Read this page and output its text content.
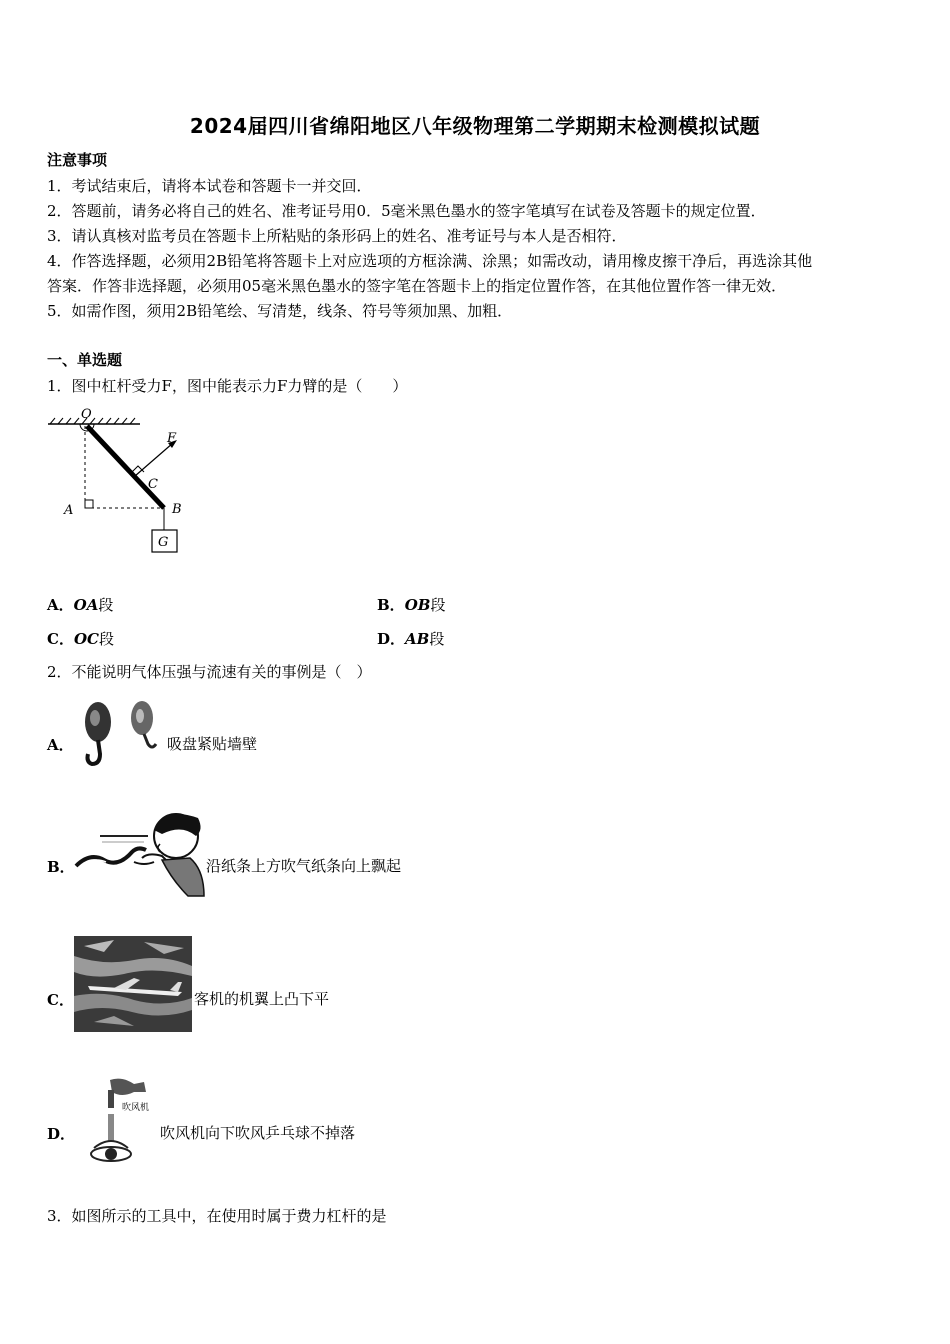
2024届四川省绵阳地区八年级物理第二学期期末检测模拟试题
注意事项
1．考试结束后，请将本试卷和答题卡一并交回．
2．答题前，请务必将自己的姓名、准考证号用0．5毫米黑色墨水的签字笔填写在试卷及答题卡的规定位置．
3．请认真核对监考员在答题卡上所粘贴的条形码上的姓名、准考证号与本人是否相符．
4．作答选择题，必须用2B铅笔将答题卡上对应选项的方框涂满、涂黑；如需改动，请用橡皮擦干净后，再选涂其他
答案．作答非选择题，必须用05毫米黑色墨水的签字笔在答题卡上的指定位置作答，在其他位置作答一律无效．
5．如需作图，须用2B铅笔绘、写清楚，线条、符号等须加黑、加粗．
一、单选题
1．图中杠杆受力F，图中能表示力F力臂的是（　　）
O
A
F
C
B
G
A．OA段	B．OB段
C．OC段	D．AB段
2．不能说明气体压强与流速有关的事例是（　）
A．	吸盘紧贴墙壁
B．	沿纸条上方吹气纸条向上飘起
C．	客机的机翼上凸下平
D．
吹风机
吹风机向下吹风乒乓球不掉落
3．如图所示的工具中，在使用时属于费力杠杆的是
